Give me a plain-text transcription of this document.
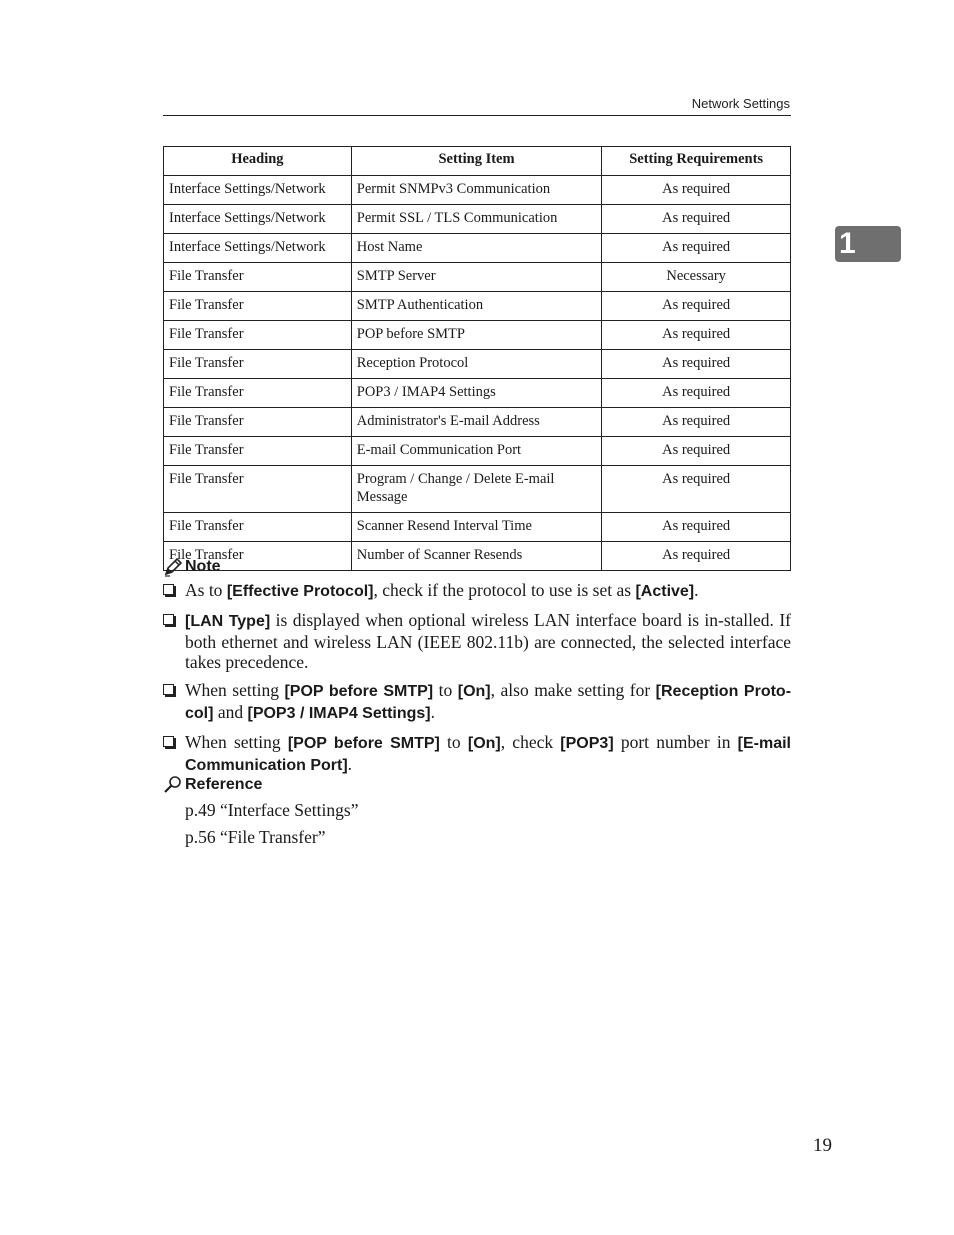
Network Settings
1
Heading	Setting Item	Setting Requirements
Interface Settings/Network	Permit SNMPv3 Communication	As required
Interface Settings/Network	Permit SSL / TLS Communication	As required
Interface Settings/Network	Host Name	As required
File Transfer	SMTP Server	Necessary
File Transfer	SMTP Authentication	As required
File Transfer	POP before SMTP	As required
File Transfer	Reception Protocol	As required
File Transfer	POP3 / IMAP4 Settings	As required
File Transfer	Administrator's E-mail Address	As required
File Transfer	E-mail Communication Port	As required
File Transfer	Program / Change / Delete E-mail Message	As required
File Transfer	Scanner Resend Interval Time	As required
File Transfer	Number of Scanner Resends	As required
Note
As to [Effective Protocol], check if the protocol to use is set as [Active].
[LAN Type] is displayed when optional wireless LAN interface board is in-stalled. If both ethernet and wireless LAN (IEEE 802.11b) are connected, the selected interface takes precedence.
When setting [POP before SMTP] to [On], also make setting for [Reception Proto-col] and [POP3 / IMAP4 Settings].
When setting [POP before SMTP] to [On], check [POP3] port number in [E-mail Communication Port].
Reference
p.49 “Interface Settings”
p.56 “File Transfer”
19
